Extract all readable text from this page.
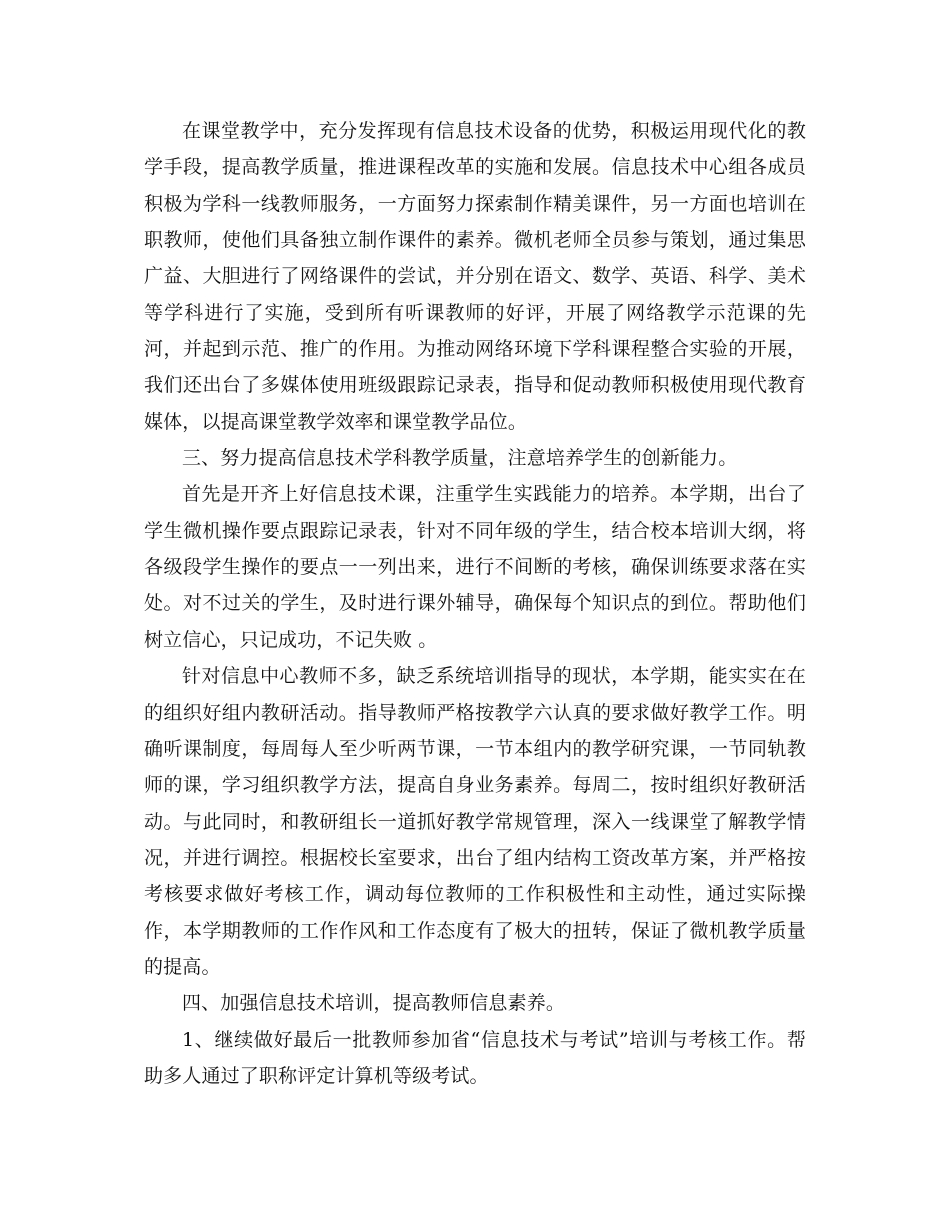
在课堂教学中，充分发挥现有信息技术设备的优势，积极运用现代化的教学手段，提高教学质量，推进课程改革的实施和发展。信息技术中心组各成员积极为学科一线教师服务，一方面努力探索制作精美课件，另一方面也培训在职教师，使他们具备独立制作课件的素养。微机老师全员参与策划，通过集思广益、大胆进行了网络课件的尝试，并分别在语文、数学、英语、科学、美术等学科进行了实施，受到所有听课教师的好评，开展了网络教学示范课的先河，并起到示范、推广的作用。为推动网络环境下学科课程整合实验的开展，我们还出台了多媒体使用班级跟踪记录表，指导和促动教师积极使用现代教育媒体，以提高课堂教学效率和课堂教学品位。

三、努力提高信息技术学科教学质量，注意培养学生的创新能力。

首先是开齐上好信息技术课，注重学生实践能力的培养。本学期，出台了学生微机操作要点跟踪记录表，针对不同年级的学生，结合校本培训大纲，将各级段学生操作的要点一一列出来，进行不间断的考核，确保训练要求落在实处。对不过关的学生，及时进行课外辅导，确保每个知识点的到位。帮助他们树立信心，只记成功，不记失败 。

针对信息中心教师不多，缺乏系统培训指导的现状，本学期，能实实在在的组织好组内教研活动。指导教师严格按教学六认真的要求做好教学工作。明确听课制度，每周每人至少听两节课，一节本组内的教学研究课，一节同轨教师的课，学习组织教学方法，提高自身业务素养。每周二，按时组织好教研活动。与此同时，和教研组长一道抓好教学常规管理，深入一线课堂了解教学情况，并进行调控。根据校长室要求，出台了组内结构工资改革方案，并严格按考核要求做好考核工作，调动每位教师的工作积极性和主动性，通过实际操作，本学期教师的工作作风和工作态度有了极大的扭转，保证了微机教学质量的提高。

四、加强信息技术培训，提高教师信息素养。

1、继续做好最后一批教师参加省“信息技术与考试”培训与考核工作。帮助多人通过了职称评定计算机等级考试。
